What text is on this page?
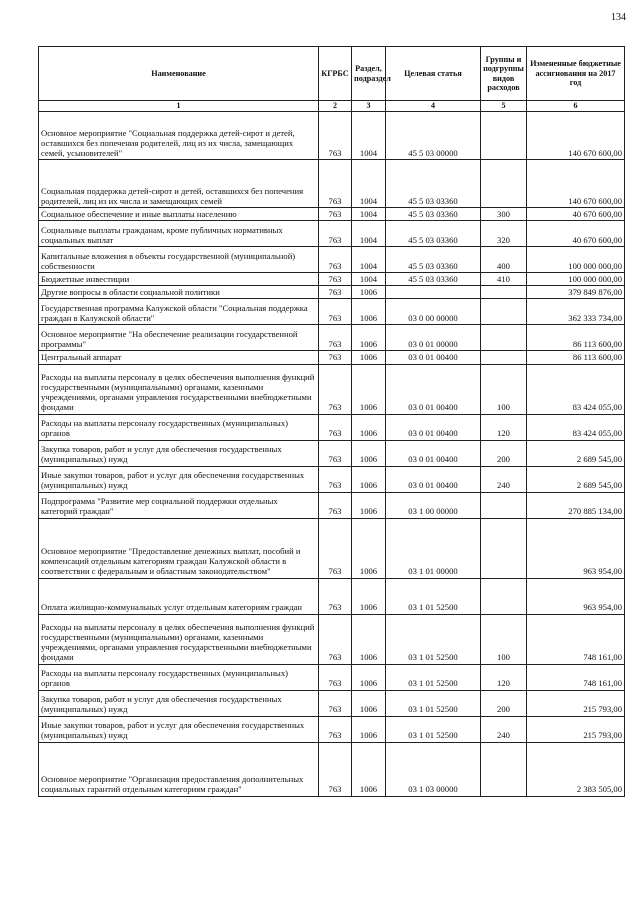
134
Наименование	КГРБС	Раздел, подраздел	Целевая статья	Группы и подгруппы видов расходов	Измененные бюджетные ассигнования на 2017 год
1	2	3	4	5	6
Основное мероприятие "Социальная поддержка детей-сирот и детей, оставшихся без попечения родителей, лиц из их числа, замещающих семей, усыновителей"	763	1004	45 5 03 00000		140 670 600,00
Социальная поддержка детей-сирот и детей, оставшихся без попечения родителей, лиц из их числа и замещающих семей	763	1004	45 5 03 03360		140 670 600,00
Социальное обеспечение и иные выплаты населению	763	1004	45 5 03 03360	300	40 670 600,00
Социальные выплаты гражданам, кроме публичных нормативных социальных выплат	763	1004	45 5 03 03360	320	40 670 600,00
Капитальные вложения в объекты государственной (муниципальной) собственности	763	1004	45 5 03 03360	400	100 000 000,00
Бюджетные инвестиции	763	1004	45 5 03 03360	410	100 000 000,00
Другие вопросы в области социальной политики	763	1006			379 849 876,00
Государственная программа Калужской области "Социальная поддержка граждан в Калужской области"	763	1006	03 0 00 00000		362 333 734,00
Основное мероприятие "На обеспечение реализации государственной программы"	763	1006	03 0 01 00000		86 113 600,00
Центральный аппарат	763	1006	03 0 01 00400		86 113 600,00
Расходы на выплаты персоналу в целях обеспечения выполнения функций государственными (муниципальными) органами, казенными учреждениями, органами управления государственными внебюджетными фондами	763	1006	03 0 01 00400	100	83 424 055,00
Расходы на выплаты персоналу государственных (муниципальных) органов	763	1006	03 0 01 00400	120	83 424 055,00
Закупка товаров, работ и услуг для обеспечения государственных (муниципальных) нужд	763	1006	03 0 01 00400	200	2 689 545,00
Иные закупки товаров, работ и услуг для обеспечения государственных (муниципальных) нужд	763	1006	03 0 01 00400	240	2 689 545,00
Подпрограмма "Развитие мер социальной поддержки отдельных категорий граждан"	763	1006	03 1 00 00000		270 885 134,00
Основное мероприятие "Предоставление денежных выплат, пособий и компенсаций отдельным категориям граждан Калужской области в соответствии с федеральным и областным законодательством"	763	1006	03 1 01 00000		963 954,00
Оплата жилищно-коммунальных услуг отдельным категориям граждан	763	1006	03 1 01 52500		963 954,00
Расходы на выплаты персоналу в целях обеспечения выполнения функций государственными (муниципальными) органами, казенными учреждениями, органами управления государственными внебюджетными фондами	763	1006	03 1 01 52500	100	748 161,00
Расходы на выплаты персоналу государственных (муниципальных) органов	763	1006	03 1 01 52500	120	748 161,00
Закупка товаров, работ и услуг для обеспечения государственных (муниципальных) нужд	763	1006	03 1 01 52500	200	215 793,00
Иные закупки товаров, работ и услуг для обеспечения государственных (муниципальных) нужд	763	1006	03 1 01 52500	240	215 793,00
Основное мероприятие "Организация предоставления дополнительных социальных гарантий отдельным категориям граждан"	763	1006	03 1 03 00000		2 383 505,00
